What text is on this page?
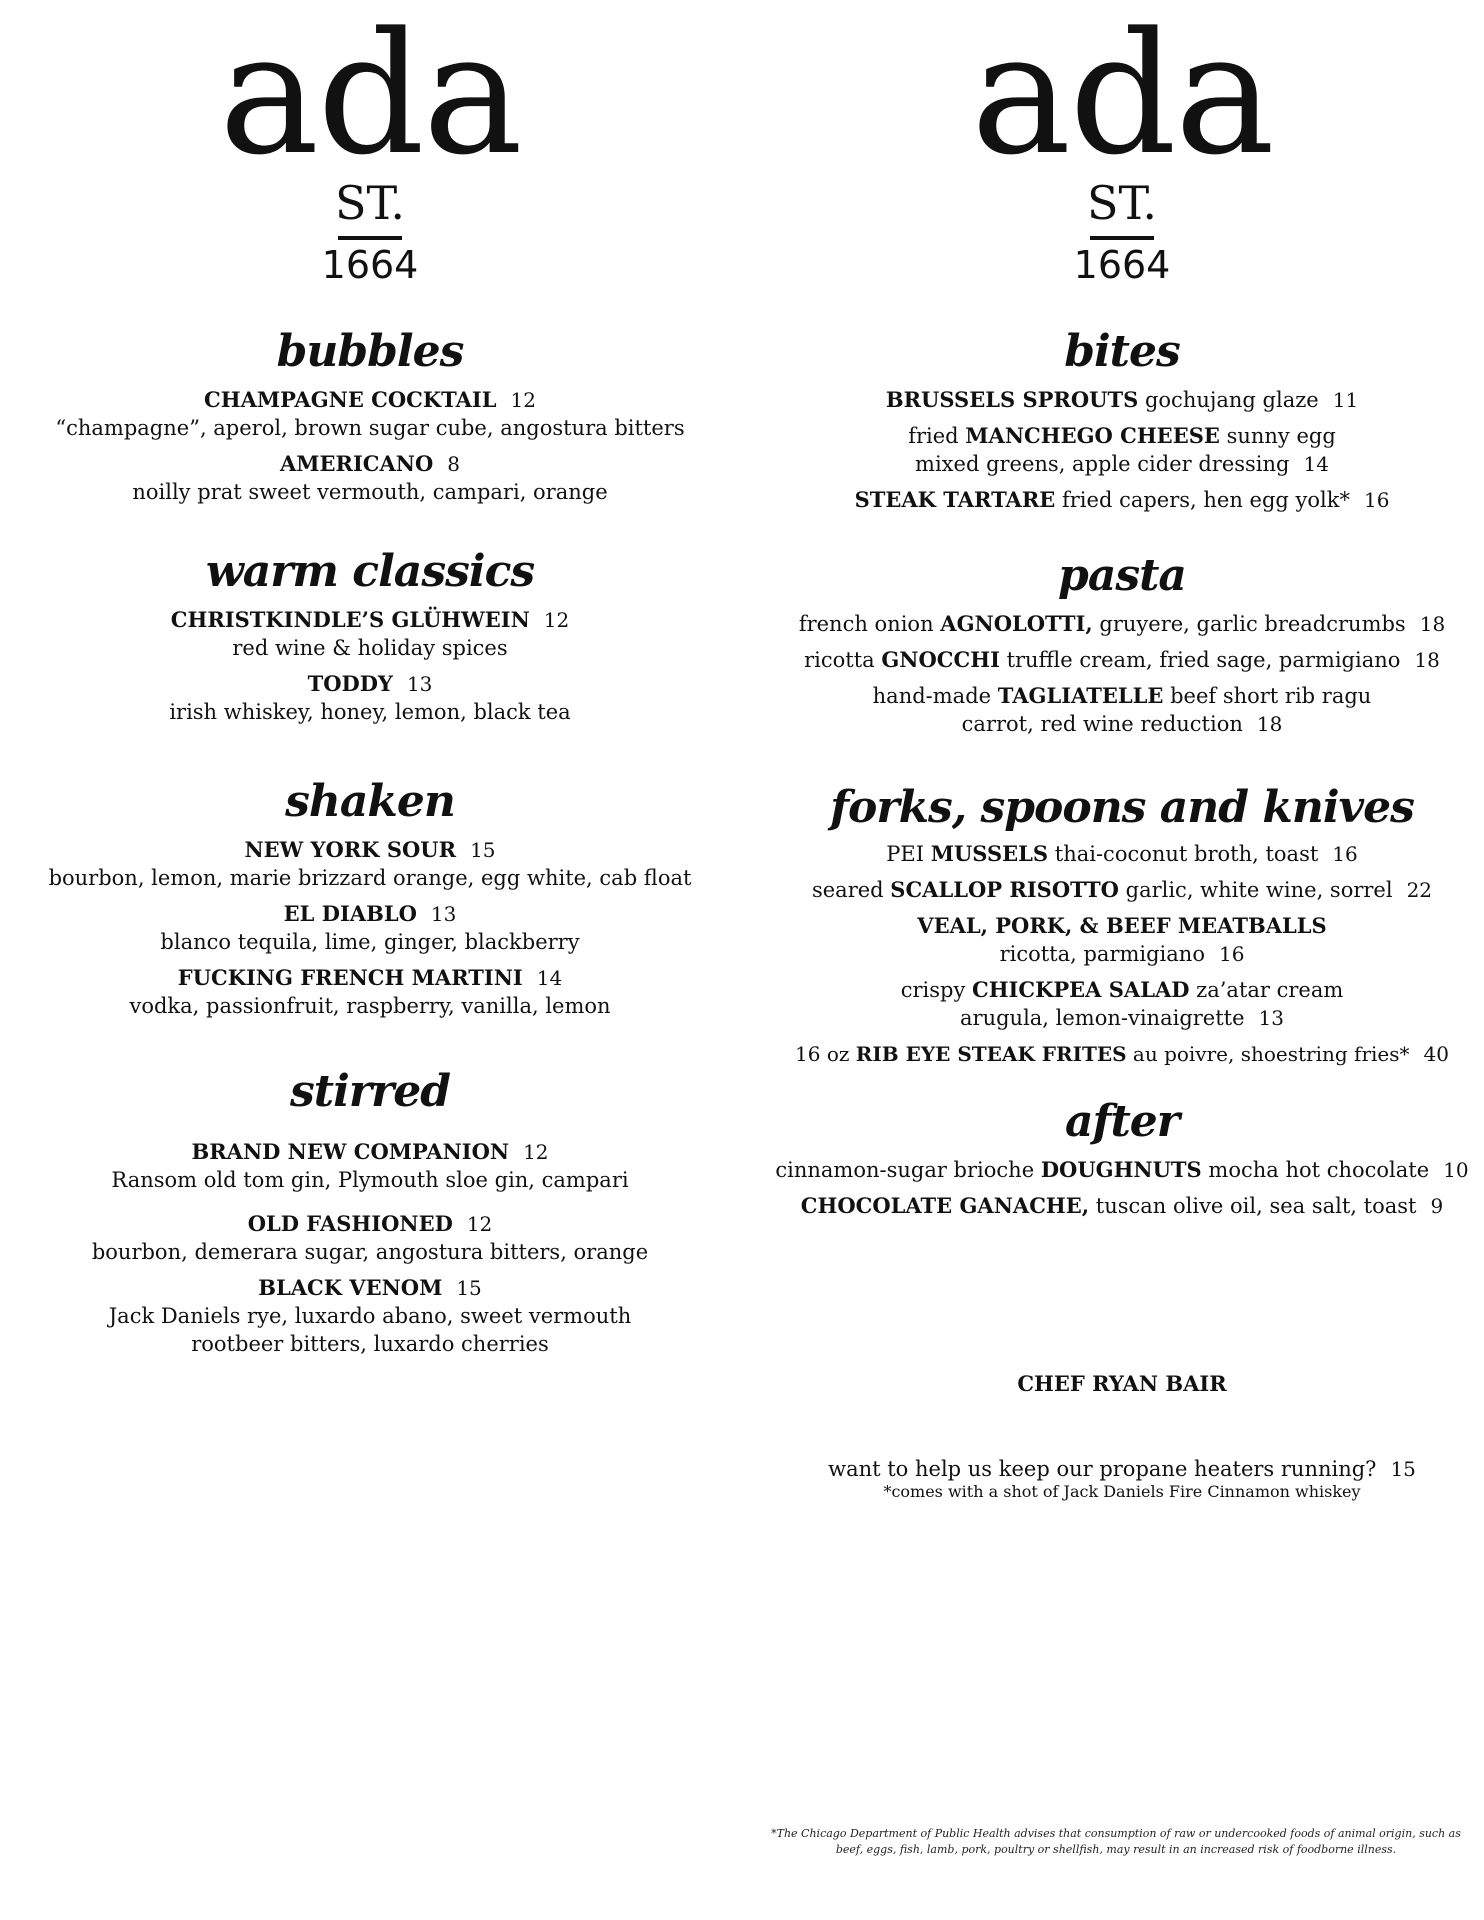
ada
ST.
1664
bubbles
CHAMPAGNE COCKTAIL 12
“champagne”, aperol, brown sugar cube, angostura bitters
AMERICANO 8
noilly prat sweet vermouth, campari, orange
warm classics
CHRISTKINDLE’S GLÜHWEIN 12
red wine & holiday spices
TODDY 13
irish whiskey, honey, lemon, black tea
shaken
NEW YORK SOUR 15
bourbon, lemon, marie brizzard orange, egg white, cab float
EL DIABLO 13
blanco tequila, lime, ginger, blackberry
FUCKING FRENCH MARTINI 14
vodka, passionfruit, raspberry, vanilla, lemon
stirred
BRAND NEW COMPANION 12
Ransom old tom gin, Plymouth sloe gin, campari
OLD FASHIONED 12
bourbon, demerara sugar, angostura bitters, orange
BLACK VENOM 15
Jack Daniels rye, luxardo abano, sweet vermouth
rootbeer bitters, luxardo cherries
ada
ST.
1664
bites
BRUSSELS SPROUTS gochujang glaze 11
fried MANCHEGO CHEESE sunny egg
mixed greens, apple cider dressing 14
STEAK TARTARE fried capers, hen egg yolk* 16
pasta
french onion AGNOLOTTI, gruyere, garlic breadcrumbs 18
ricotta GNOCCHI truffle cream, fried sage, parmigiano 18
hand-made TAGLIATELLE beef short rib ragu
carrot, red wine reduction 18
forks, spoons and knives
PEI MUSSELS thai-coconut broth, toast 16
seared SCALLOP RISOTTO garlic, white wine, sorrel 22
VEAL, PORK, & BEEF MEATBALLS
ricotta, parmigiano 16
crispy CHICKPEA SALAD za’atar cream
arugula, lemon-vinaigrette 13
16 oz RIB EYE STEAK FRITES au poivre, shoestring fries* 40
after
cinnamon-sugar brioche DOUGHNUTS mocha hot chocolate 10
CHOCOLATE GANACHE, tuscan olive oil, sea salt, toast 9
CHEF RYAN BAIR
want to help us keep our propane heaters running? 15
*comes with a shot of Jack Daniels Fire Cinnamon whiskey
*The Chicago Department of Public Health advises that consumption of raw or undercooked foods of animal origin, such as
beef, eggs, fish, lamb, pork, poultry or shellfish, may result in an increased risk of foodborne illness.
